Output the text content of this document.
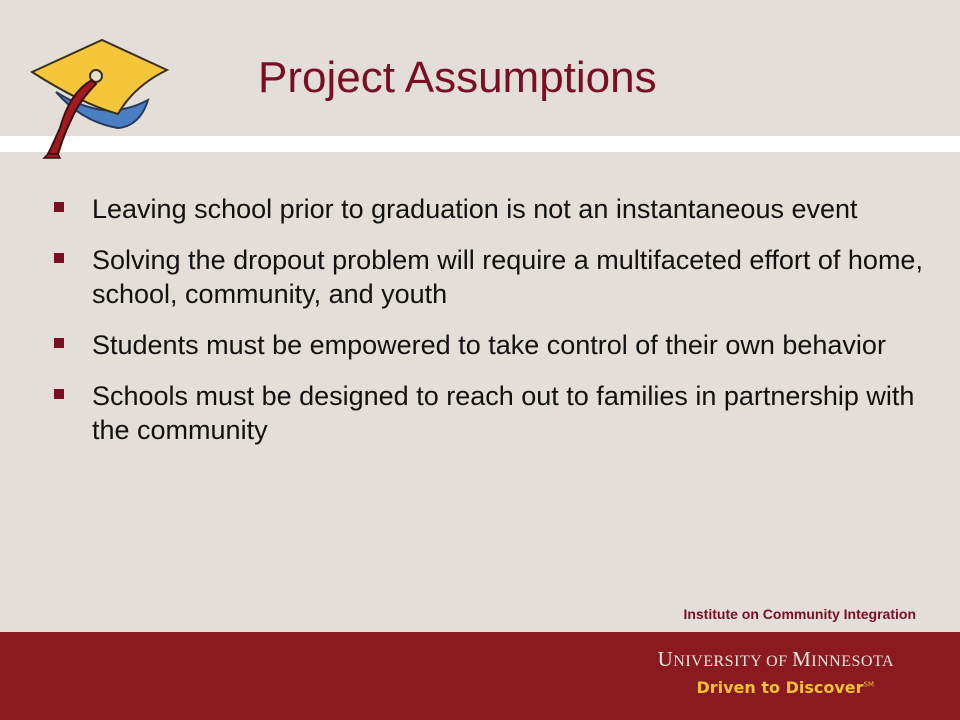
Project Assumptions
Leaving school prior to graduation is not an instantaneous event
Solving the dropout problem will require a multifaceted effort of home, school, community, and youth
Students must be empowered to take control of their own behavior
Schools must be designed to reach out to families in partnership with the community
Institute on Community Integration
UNIVERSITY OF MINNESOTA
Driven to Discover℠
